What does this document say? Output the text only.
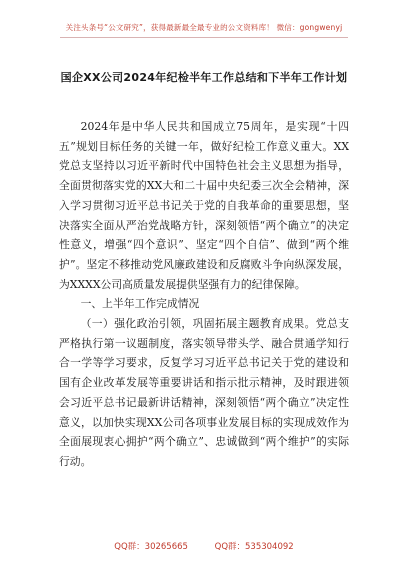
关注头条号“公文研究”，获得最新最全最专业的公文资料库！ 微信：gongwenyj
国企XX公司2024年纪检半年工作总结和下半年工作计划

2024年是中华人民共和国成立75周年，是实现“十四五”规划目标任务的关键一年，做好纪检工作意义重大。XX党总支坚持以习近平新时代中国特色社会主义思想为指导，全面贯彻落实党的XX大和二十届中央纪委三次全会精神，深入学习贯彻习近平总书记关于党的自我革命的重要思想，坚决落实全面从严治党战略方针，深刻领悟“两个确立”的决定性意义，增强“四个意识”、坚定“四个自信”、做到“两个维护”。坚定不移推动党风廉政建设和反腐败斗争向纵深发展，为XXXX公司高质量发展提供坚强有力的纪律保障。

一、上半年工作完成情况

（一）强化政治引领，巩固拓展主题教育成果。党总支严格执行第一议题制度，落实领导带头学、融合贯通学知行合一学等学习要求，反复学习习近平总书记关于党的建设和国有企业改革发展等重要讲话和指示批示精神，及时跟进领会习近平总书记最新讲话精神，深刻领悟“两个确立”决定性意义，以加快实现XX公司各项事业发展目标的实现成效作为全面展现衷心拥护“两个确立”、忠诚做到“两个维护”的实际行动。

QQ群：30265665	QQ群：535304092
